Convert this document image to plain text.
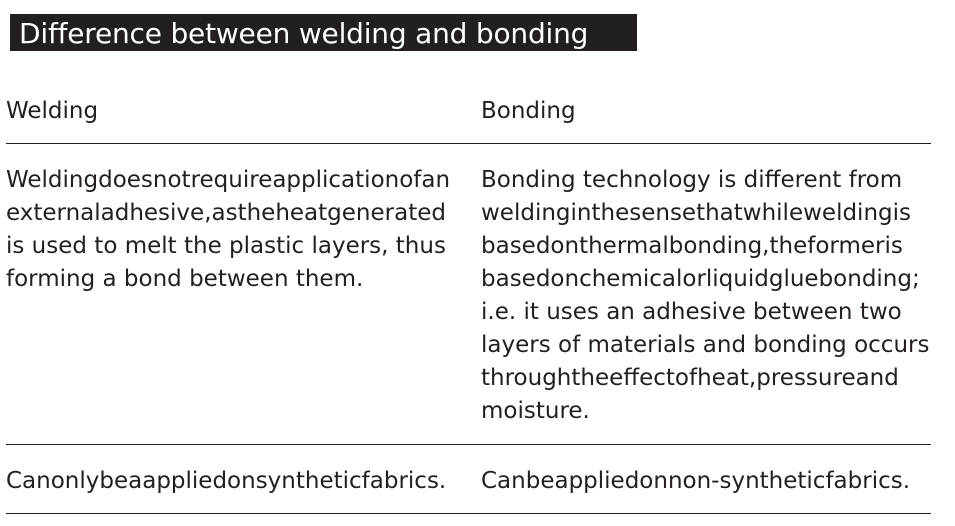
Difference between welding and bonding
Welding	Bonding
Weldingdoesnotrequireapplicationofan
externaladhesive,astheheatgenerated
is used to melt the plastic layers, thus
forming a bond between them.
Bonding technology is different from
weldinginthesensethatwhileweldingis
basedonthermalbonding,theformeris
basedonchemicalorliquidgluebonding;
i.e. it uses an adhesive between two
layers of materials and bonding occurs
throughtheeffectofheat,pressureand
moisture.
Canonlybeaappliedonsyntheticfabrics. Canbeappliedonnon-syntheticfabrics.
